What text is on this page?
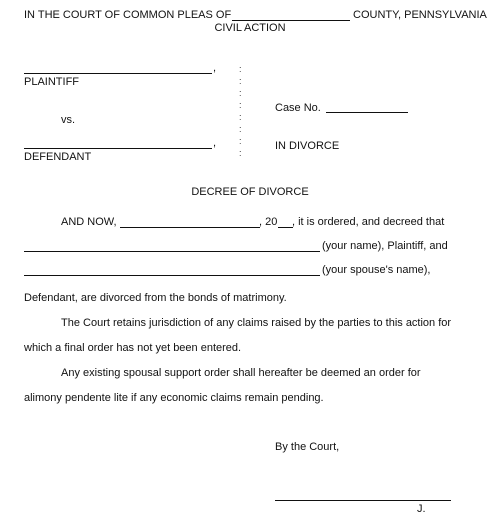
IN THE COURT OF COMMON PLEAS OF	COUNTY, PENNSYLVANIA
CIVIL ACTION
,
PLAINTIFF
vs.
,
DEFENDANT
:
:
:
:
:
:
:
:
Case No.
IN DIVORCE
DECREE OF DIVORCE
AND NOW,	, 20 , it is ordered, and decreed that
(your name), Plaintiff, and
(your spouse's name),
Defendant, are divorced from the bonds of matrimony.
The Court retains jurisdiction of any claims raised by the parties to this action for
which a final order has not yet been entered.
Any existing spousal support order shall hereafter be deemed an order for
alimony pendente lite if any economic claims remain pending.
By the Court,
J.
